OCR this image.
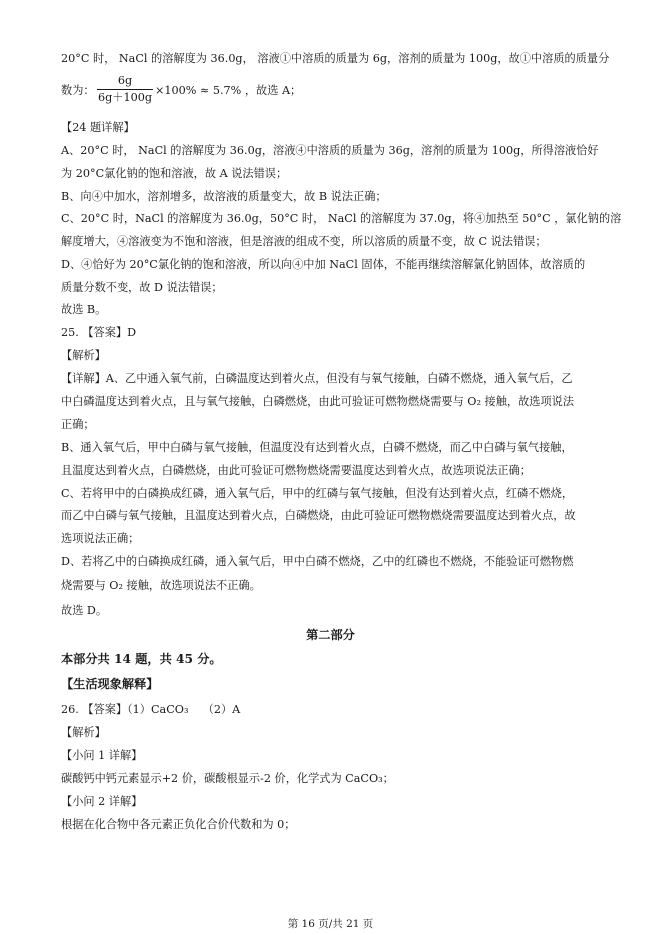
20°C 时， NaCl 的溶解度为 36.0g， 溶液①中溶质的质量为 6g，溶剂的质量为 100g，故①中溶质的质量分
数为：
6g
6g＋100g
×100% ≈ 5.7% ，故选 A；
【24 题详解】
A、20°C 时， NaCl 的溶解度为 36.0g，溶液④中溶质的质量为 36g，溶剂的质量为 100g，所得溶液恰好
为 20°C氯化钠的饱和溶液，故 A 说法错误；
B、向④中加水，溶剂增多，故溶液的质量变大，故 B 说法正确；
C、20°C 时，NaCl 的溶解度为 36.0g，50°C 时， NaCl 的溶解度为 37.0g，将④加热至 50°C ，氯化钠的溶
解度增大，④溶液变为不饱和溶液，但是溶液的组成不变，所以溶质的质量不变，故 C 说法错误；
D、④恰好为 20°C氯化钠的饱和溶液，所以向④中加 NaCl 固体，不能再继续溶解氯化钠固体，故溶质的
质量分数不变，故 D 说法错误；
故选 B。
25. 【答案】D
【解析】
【详解】A、乙中通入氧气前，白磷温度达到着火点，但没有与氧气接触，白磷不燃烧，通入氧气后，乙
中白磷温度达到着火点，且与氧气接触，白磷燃烧，由此可验证可燃物燃烧需要与 O₂ 接触，故选项说法
正确；
B、通入氧气后，甲中白磷与氧气接触，但温度没有达到着火点，白磷不燃烧，而乙中白磷与氧气接触，
且温度达到着火点，白磷燃烧，由此可验证可燃物燃烧需要温度达到着火点，故选项说法正确；
C、若将甲中的白磷换成红磷，通入氧气后，甲中的红磷与氧气接触，但没有达到着火点，红磷不燃烧，
而乙中白磷与氧气接触，且温度达到着火点，白磷燃烧，由此可验证可燃物燃烧需要温度达到着火点，故
选项说法正确；
D、若将乙中的白磷换成红磷，通入氧气后，甲中白磷不燃烧，乙中的红磷也不燃烧，不能验证可燃物燃
烧需要与 O₂ 接触，故选项说法不正确。
故选 D。
第二部分
本部分共 14 题，共 45 分。
【生活现象解释】
26. 【答案】（1）CaCO₃    （2）A
【解析】
【小问 1 详解】
碳酸钙中钙元素显示+2 价，碳酸根显示-2 价，化学式为 CaCO₃；
【小问 2 详解】
根据在化合物中各元素正负化合价代数和为 0；
第 16 页/共 21 页
